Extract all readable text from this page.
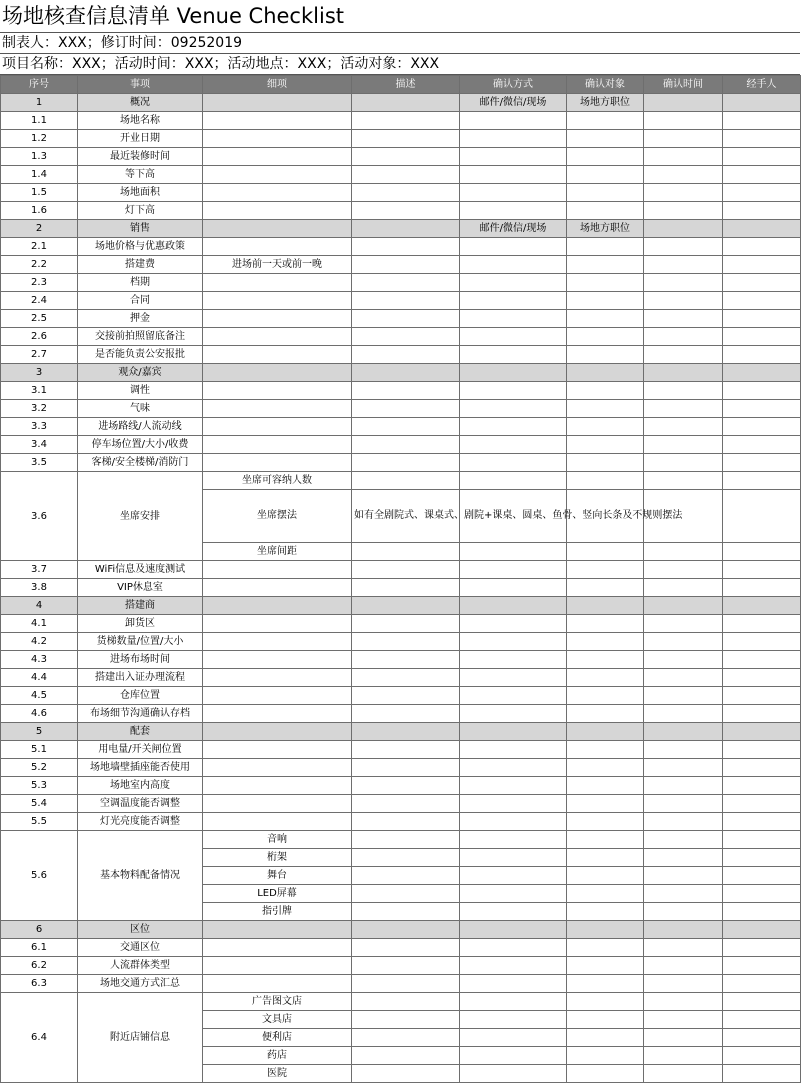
场地核查信息清单 Venue Checklist
制表人：XXX；修订时间：09252019
项目名称：XXX；活动时间：XXX；活动地点：XXX；活动对象：XXX
序号	事项	细项	描述	确认方式	确认对象	确认时间	经手人
1	概况			邮件/微信/现场	场地方职位		
1.1	场地名称						
1.2	开业日期						
1.3	最近装修时间						
1.4	等下高						
1.5	场地面积						
1.6	灯下高						
2	销售			邮件/微信/现场	场地方职位		
2.1	场地价格与优惠政策						
2.2	搭建费	进场前一天或前一晚					
2.3	档期						
2.4	合同						
2.5	押金						
2.6	交接前拍照留底备注						
2.7	是否能负责公安报批						
3	观众/嘉宾						
3.1	调性						
3.2	气味						
3.3	进场路线/人流动线						
3.4	停车场位置/大小/收费						
3.5	客梯/安全楼梯/消防门						
3.6	坐席安排	坐席可容纳人数					
		坐席摆法	如有全剧院式、课桌式、剧院+课桌、圆桌、鱼骨、竖向长条及不规则摆法				
		坐席间距					
3.7	WiFi信息及速度测试						
3.8	VIP休息室						
4	搭建商						
4.1	卸货区						
4.2	货梯数量/位置/大小						
4.3	进场布场时间						
4.4	搭建出入证办理流程						
4.5	仓库位置						
4.6	布场细节沟通确认存档						
5	配套						
5.1	用电量/开关闸位置						
5.2	场地墙壁插座能否使用						
5.3	场地室内高度						
5.4	空调温度能否调整						
5.5	灯光亮度能否调整						
5.6	基本物料配备情况	音响					
		桁架					
		舞台					
		LED屏幕					
		指引牌					
6	区位						
6.1	交通区位						
6.2	人流群体类型						
6.3	场地交通方式汇总						
6.4	附近店铺信息	广告图文店					
		文具店					
		便利店					
		药店					
		医院					
